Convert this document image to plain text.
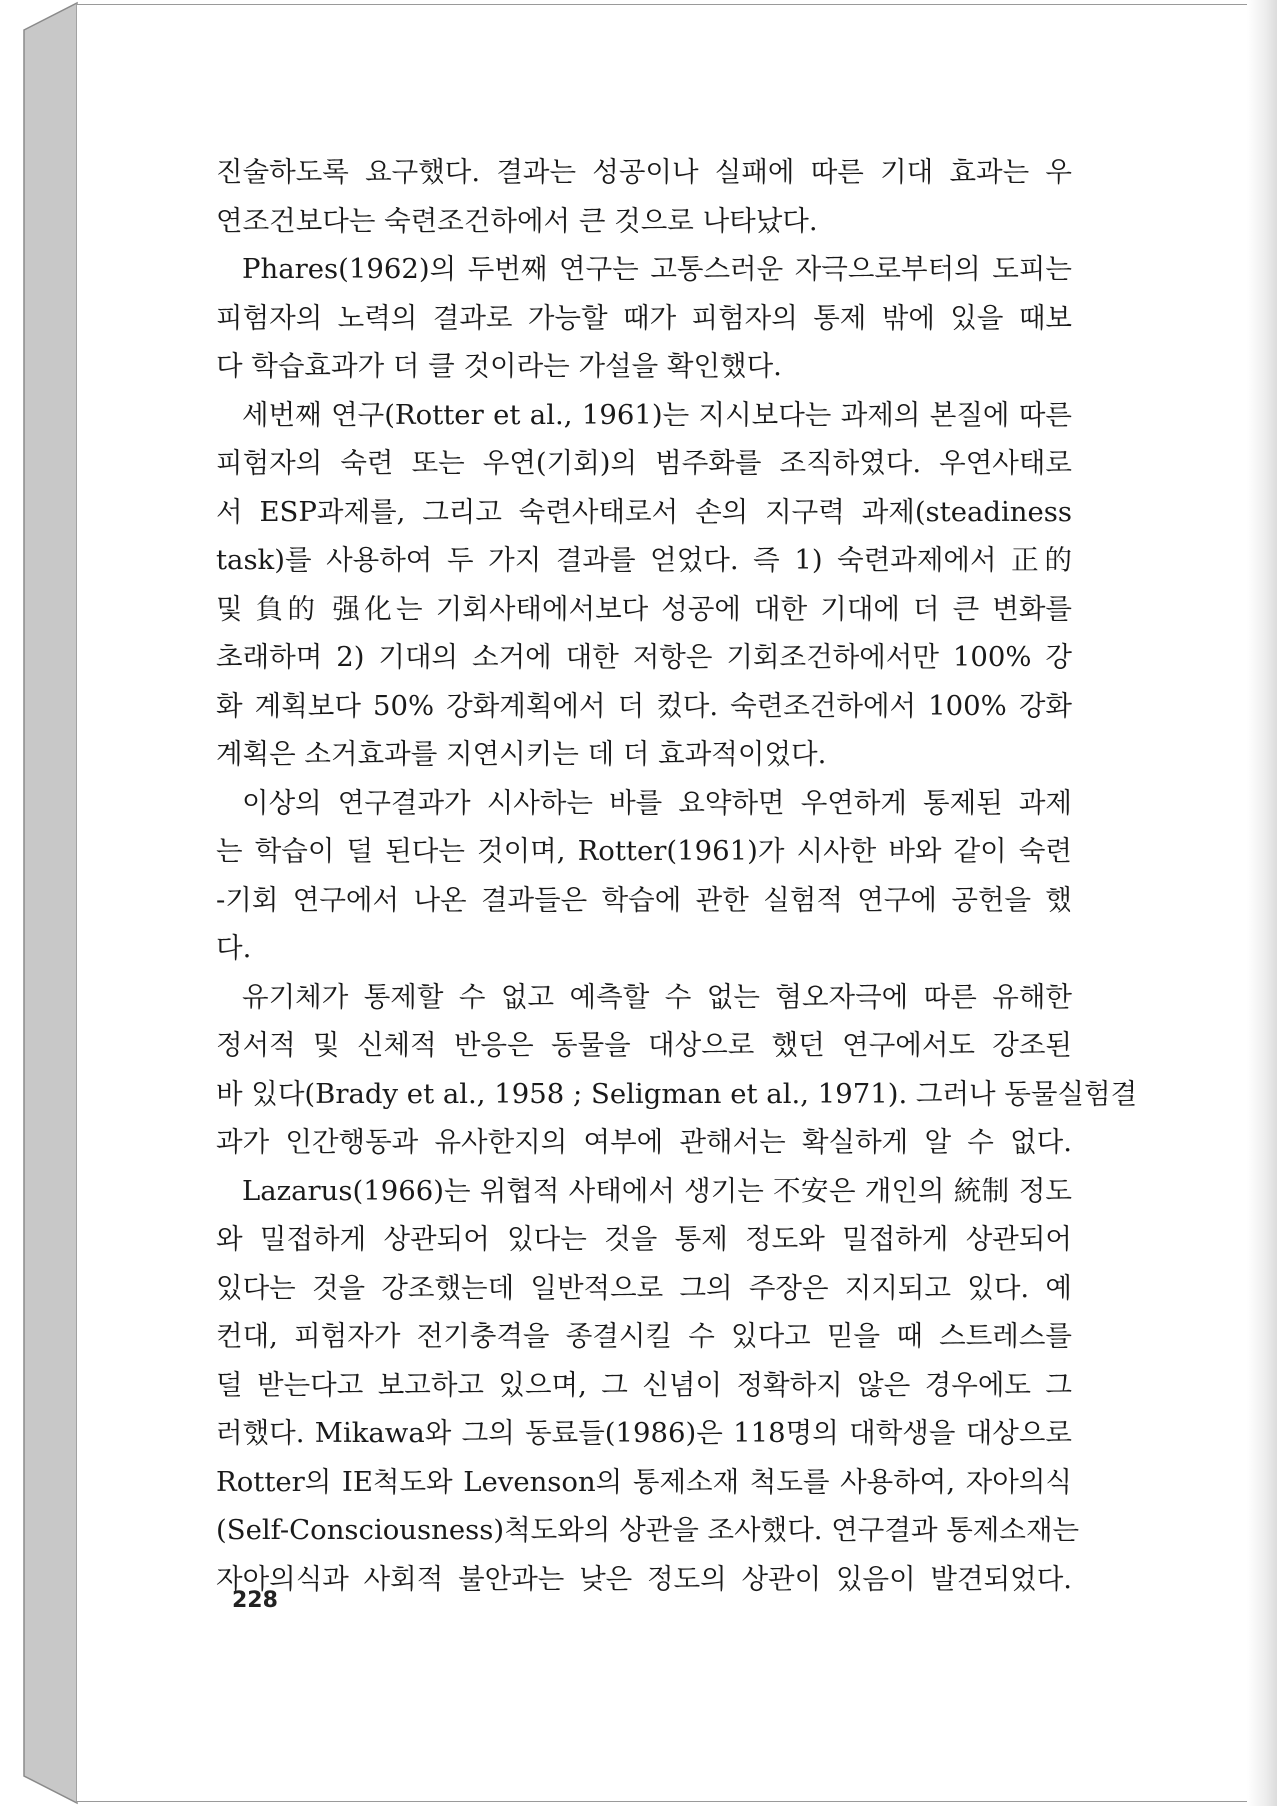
진술하도록 요구했다. 결과는 성공이나 실패에 따른 기대 효과는 우
연조건보다는 숙련조건하에서 큰 것으로 나타났다.
Phares(1962)의 두번째 연구는 고통스러운 자극으로부터의 도피는
피험자의 노력의 결과로 가능할 때가 피험자의 통제 밖에 있을 때보
다 학습효과가 더 클 것이라는 가설을 확인했다.
세번째 연구(Rotter et al., 1961)는 지시보다는 과제의 본질에 따른
피험자의 숙련 또는 우연(기회)의 범주화를 조직하였다. 우연사태로
서 ESP과제를, 그리고 숙련사태로서 손의 지구력 과제(steadiness
task)를 사용하여 두 가지 결과를 얻었다. 즉 1) 숙련과제에서 正的
및 負的 强化는 기회사태에서보다 성공에 대한 기대에 더 큰 변화를
초래하며 2) 기대의 소거에 대한 저항은 기회조건하에서만 100% 강
화 계획보다 50% 강화계획에서 더 컸다. 숙련조건하에서 100% 강화
계획은 소거효과를 지연시키는 데 더 효과적이었다.
이상의 연구결과가 시사하는 바를 요약하면 우연하게 통제된 과제
는 학습이 덜 된다는 것이며, Rotter(1961)가 시사한 바와 같이 숙련
-기회 연구에서 나온 결과들은 학습에 관한 실험적 연구에 공헌을 했
다.
유기체가 통제할 수 없고 예측할 수 없는 혐오자극에 따른 유해한
정서적 및 신체적 반응은 동물을 대상으로 했던 연구에서도 강조된
바 있다(Brady et al., 1958 ; Seligman et al., 1971). 그러나 동물실험결
과가 인간행동과 유사한지의 여부에 관해서는 확실하게 알 수 없다.
Lazarus(1966)는 위협적 사태에서 생기는 不安은 개인의 統制 정도
와 밀접하게 상관되어 있다는 것을 통제 정도와 밀접하게 상관되어
있다는 것을 강조했는데 일반적으로 그의 주장은 지지되고 있다. 예
컨대, 피험자가 전기충격을 종결시킬 수 있다고 믿을 때 스트레스를
덜 받는다고 보고하고 있으며, 그 신념이 정확하지 않은 경우에도 그
러했다. Mikawa와 그의 동료들(1986)은 118명의 대학생을 대상으로
Rotter의 IE척도와 Levenson의 통제소재 척도를 사용하여, 자아의식
(Self-Consciousness)척도와의 상관을 조사했다. 연구결과 통제소재는
자아의식과 사회적 불안과는 낮은 정도의 상관이 있음이 발견되었다.
228
